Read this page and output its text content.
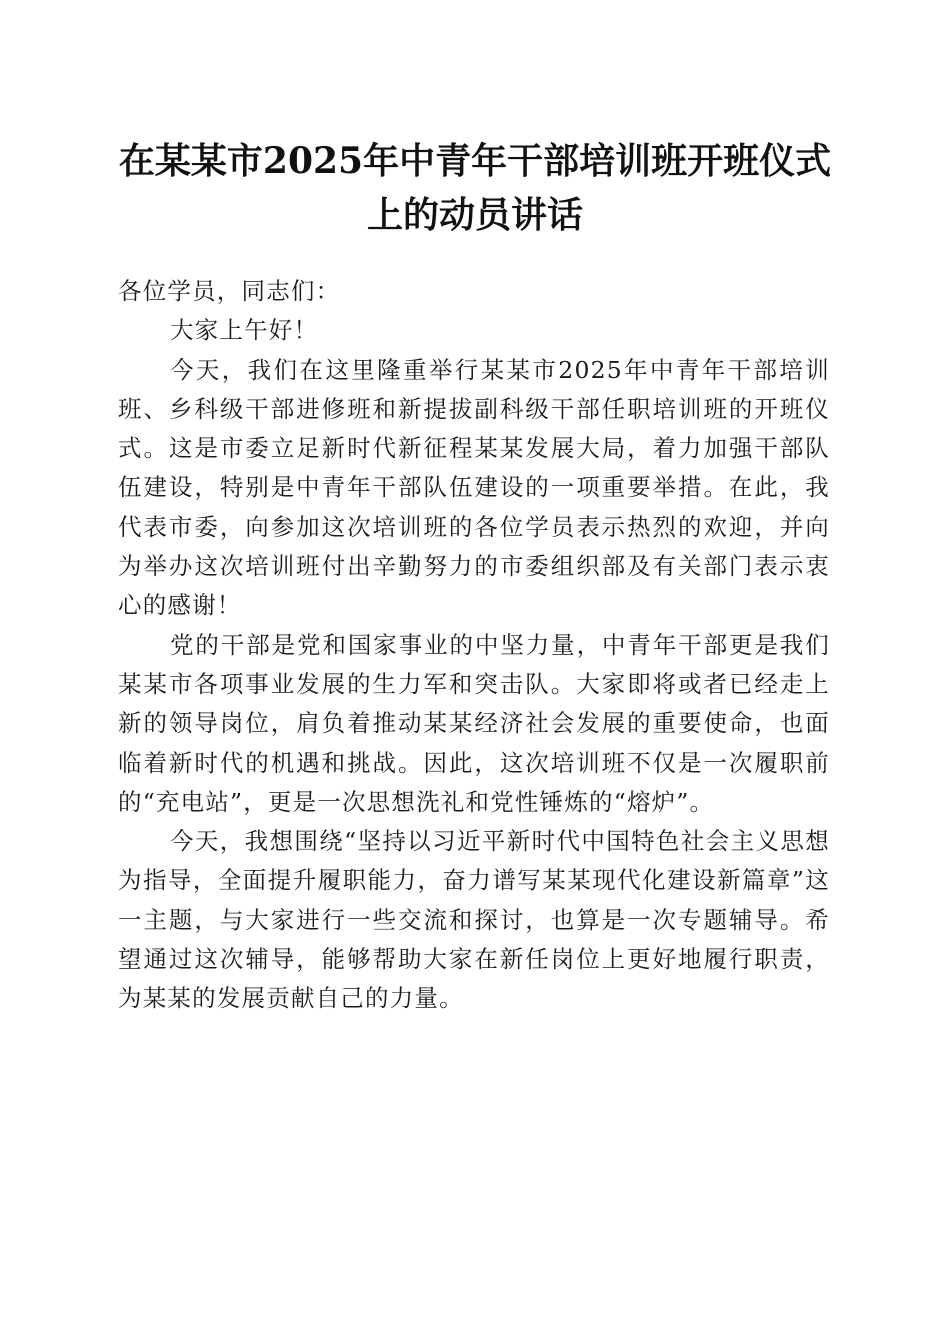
在某某市2025年中青年干部培训班开班仪式
上的动员讲话

各位学员，同志们：

大家上午好！

今天，我们在这里隆重举行某某市2025年中青年干部培训班、乡科级干部进修班和新提拔副科级干部任职培训班的开班仪式。这是市委立足新时代新征程某某发展大局，着力加强干部队伍建设，特别是中青年干部队伍建设的一项重要举措。在此，我代表市委，向参加这次培训班的各位学员表示热烈的欢迎，并向为举办这次培训班付出辛勤努力的市委组织部及有关部门表示衷心的感谢！

党的干部是党和国家事业的中坚力量，中青年干部更是我们某某市各项事业发展的生力军和突击队。大家即将或者已经走上新的领导岗位，肩负着推动某某经济社会发展的重要使命，也面临着新时代的机遇和挑战。因此，这次培训班不仅是一次履职前的“充电站”，更是一次思想洗礼和党性锤炼的“熔炉”。

今天，我想围绕“坚持以习近平新时代中国特色社会主义思想为指导，全面提升履职能力，奋力谱写某某现代化建设新篇章”这一主题，与大家进行一些交流和探讨，也算是一次专题辅导。希望通过这次辅导，能够帮助大家在新任岗位上更好地履行职责，为某某的发展贡献自己的力量。
